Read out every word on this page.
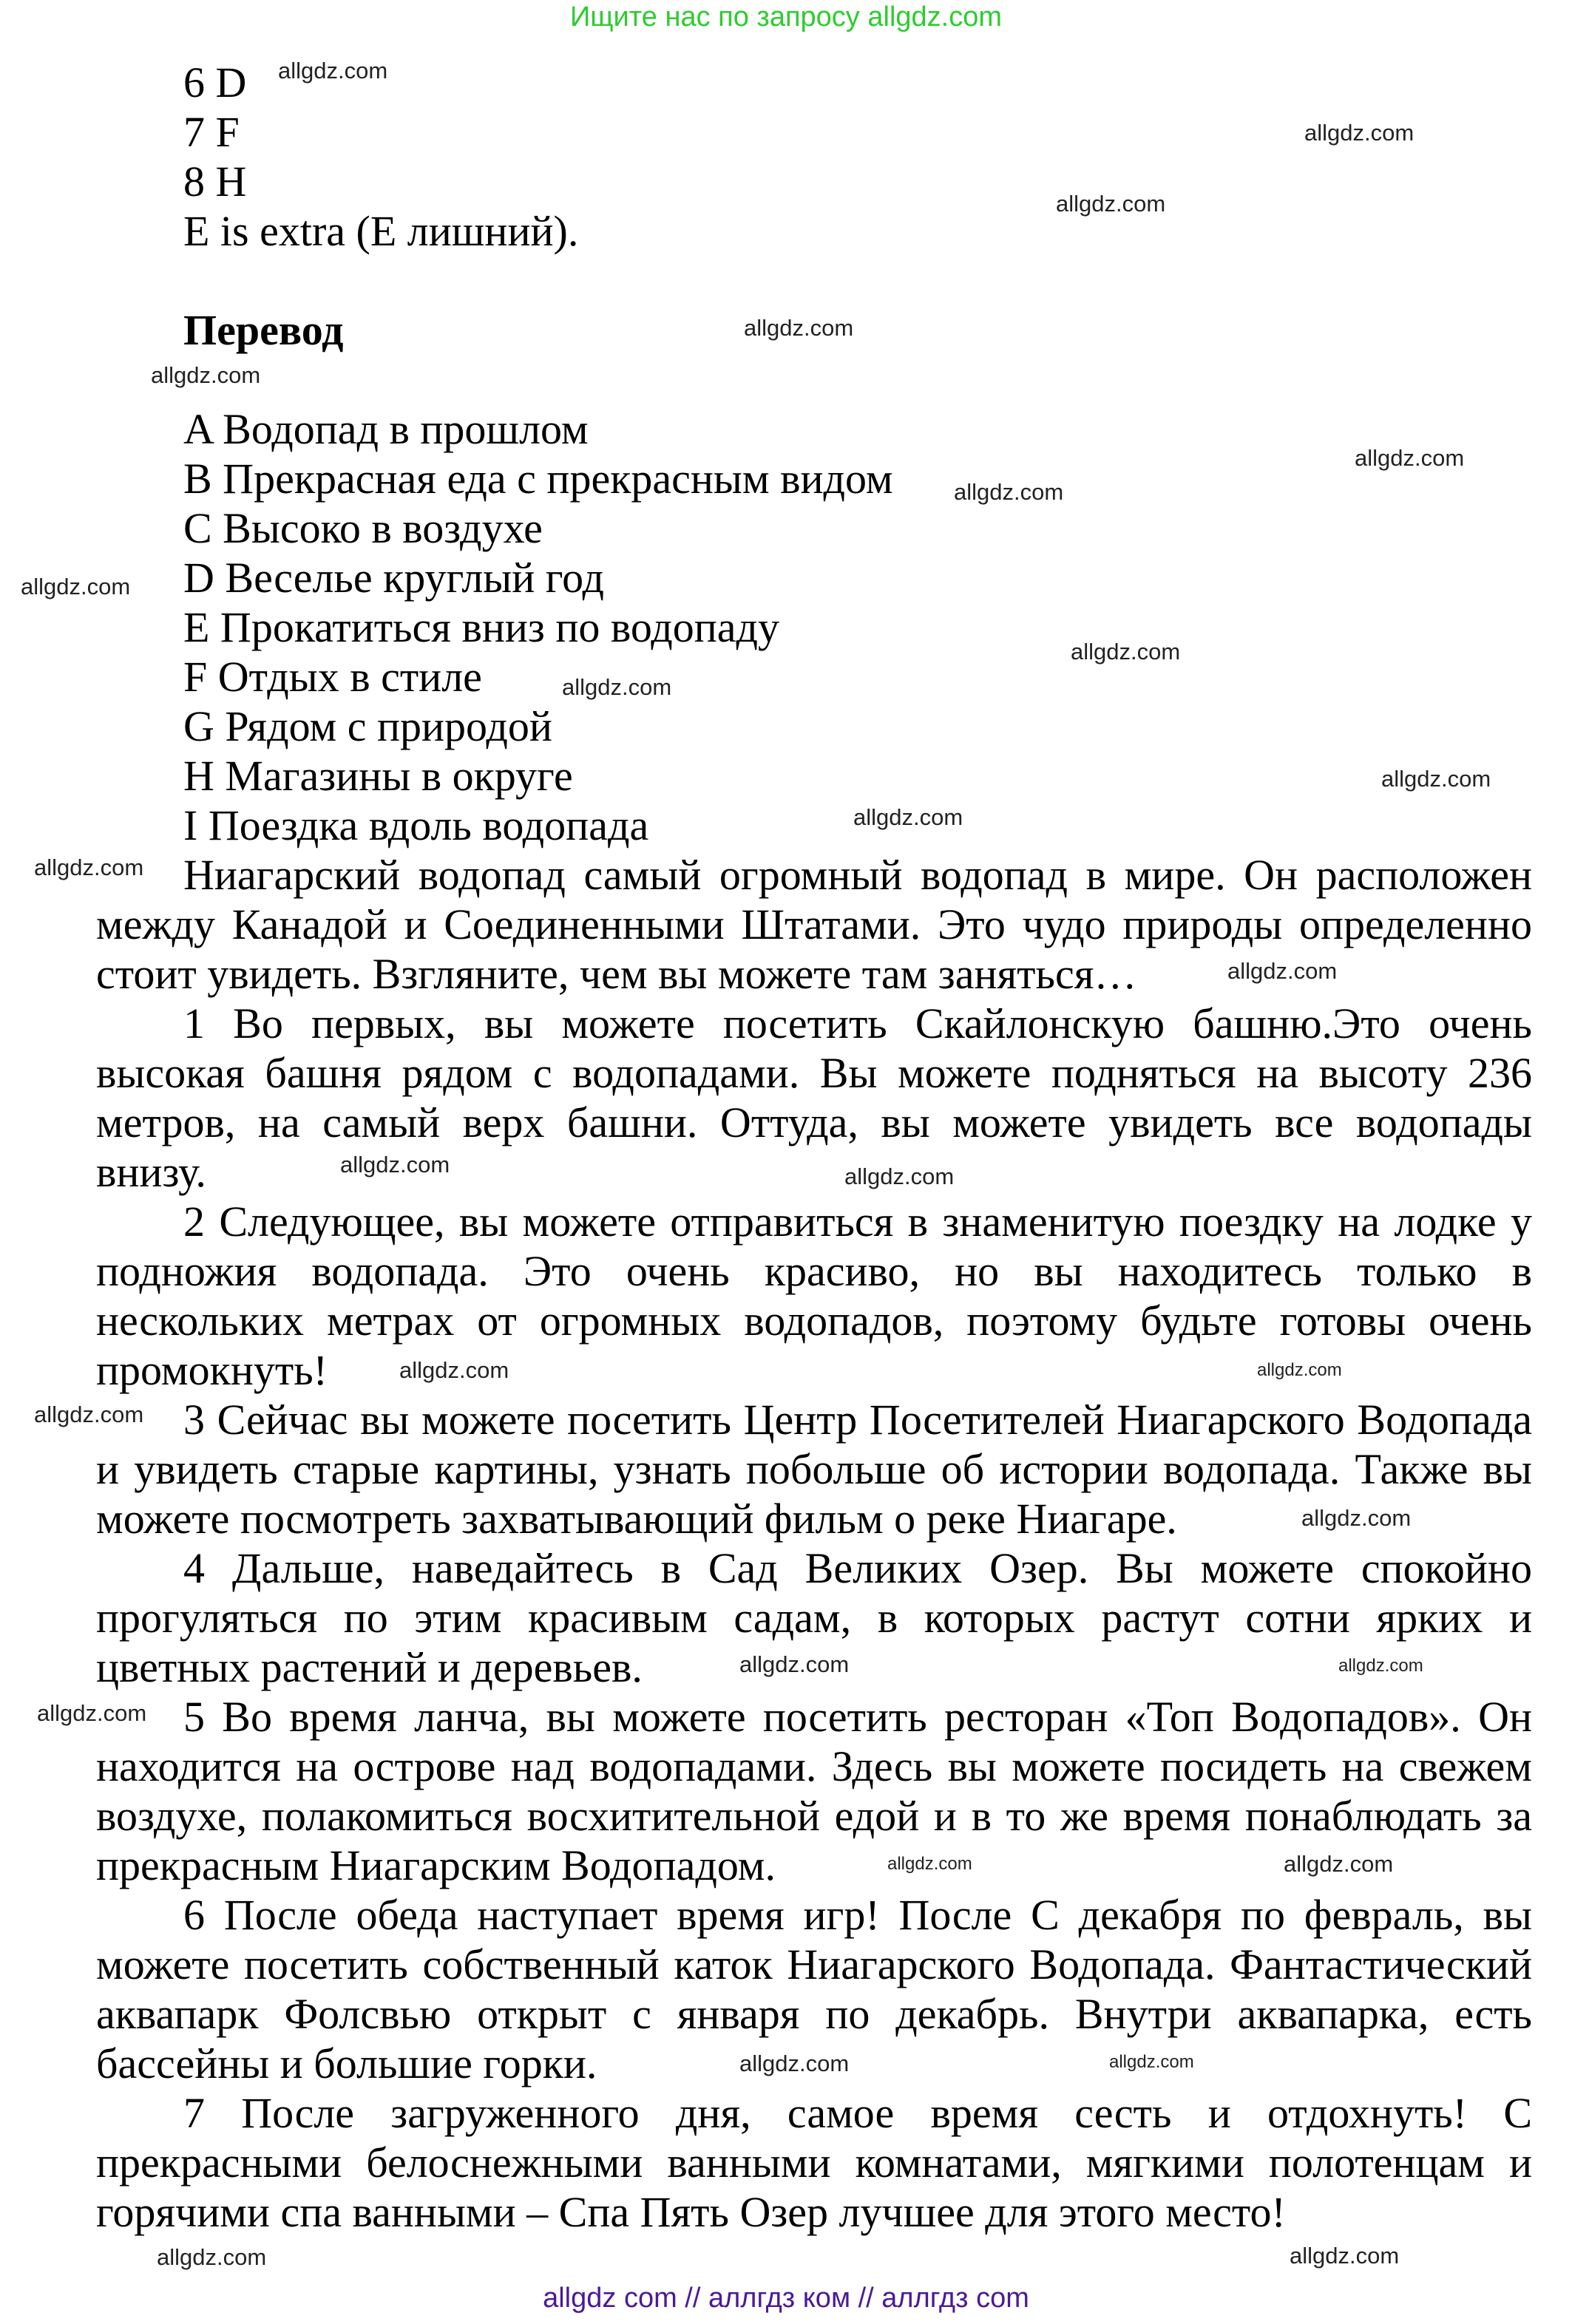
Ищите нас по запросу allgdz.com
6 D
7 F
8 H
E is extra (E лишний).
Перевод
A Водопад в прошлом
B Прекрасная еда с прекрасным видом
C Высоко в воздухе
D Веселье круглый год
E Прокатиться вниз по водопаду
F Отдых в стиле
G Рядом с природой
H Магазины в округе
I Поездка вдоль водопада
Ниагарский водопад самый огромный водопад в мире. Он расположен
между Канадой и Соединенными Штатами. Это чудо природы определенно
стоит увидеть. Взгляните, чем вы можете там заняться…
1 Во первых, вы можете посетить Скайлонскую башню.Это очень
высокая башня рядом с водопадами. Вы можете подняться на высоту 236
метров, на самый верх башни. Оттуда, вы можете увидеть все водопады
внизу.
2 Следующее, вы можете отправиться в знаменитую поездку на лодке у
подножия водопада. Это очень красиво, но вы находитесь только в
нескольких метрах от огромных водопадов, поэтому будьте готовы очень
промокнуть!
3 Сейчас вы можете посетить Центр Посетителей Ниагарского Водопада
и увидеть старые картины, узнать побольше об истории водопада. Также вы
можете посмотреть захватывающий фильм о реке Ниагаре.
4 Дальше, наведайтесь в Сад Великих Озер. Вы можете спокойно
прогуляться по этим красивым садам, в которых растут сотни ярких и
цветных растений и деревьев.
5 Во время ланча, вы можете посетить ресторан «Топ Водопадов». Он
находится на острове над водопадами. Здесь вы можете посидеть на свежем
воздухе, полакомиться восхитительной едой и в то же время понаблюдать за
прекрасным Ниагарским Водопадом.
6 После обеда наступает время игр! После С декабря по февраль, вы
можете посетить собственный каток Ниагарского Водопада. Фантастический
аквапарк Фолсвью открыт с января по декабрь. Внутри аквапарка, есть
бассейны и большие горки.
7 После загруженного дня, самое время сесть и отдохнуть! С
прекрасными белоснежными ванными комнатами, мягкими полотенцам и
горячими спа ванными – Спа Пять Озер лучшее для этого место!
allgdz.com
allgdz.com
allgdz.com
allgdz.com
allgdz.com
allgdz.com
allgdz.com
allgdz.com
allgdz.com
allgdz.com
allgdz.com
allgdz.com
allgdz.com
allgdz.com
allgdz.com	allgdz.com
allgdz.com
allgdz.com
allgdz.com
allgdz.com
allgdz.com	allgdz.com
allgdz.com
allgdz.com	allgdz.com
allgdz.com
allgdz.com
allgdz.com
allgdz.com
allgdz com // аллгдз ком // аллгдз com
